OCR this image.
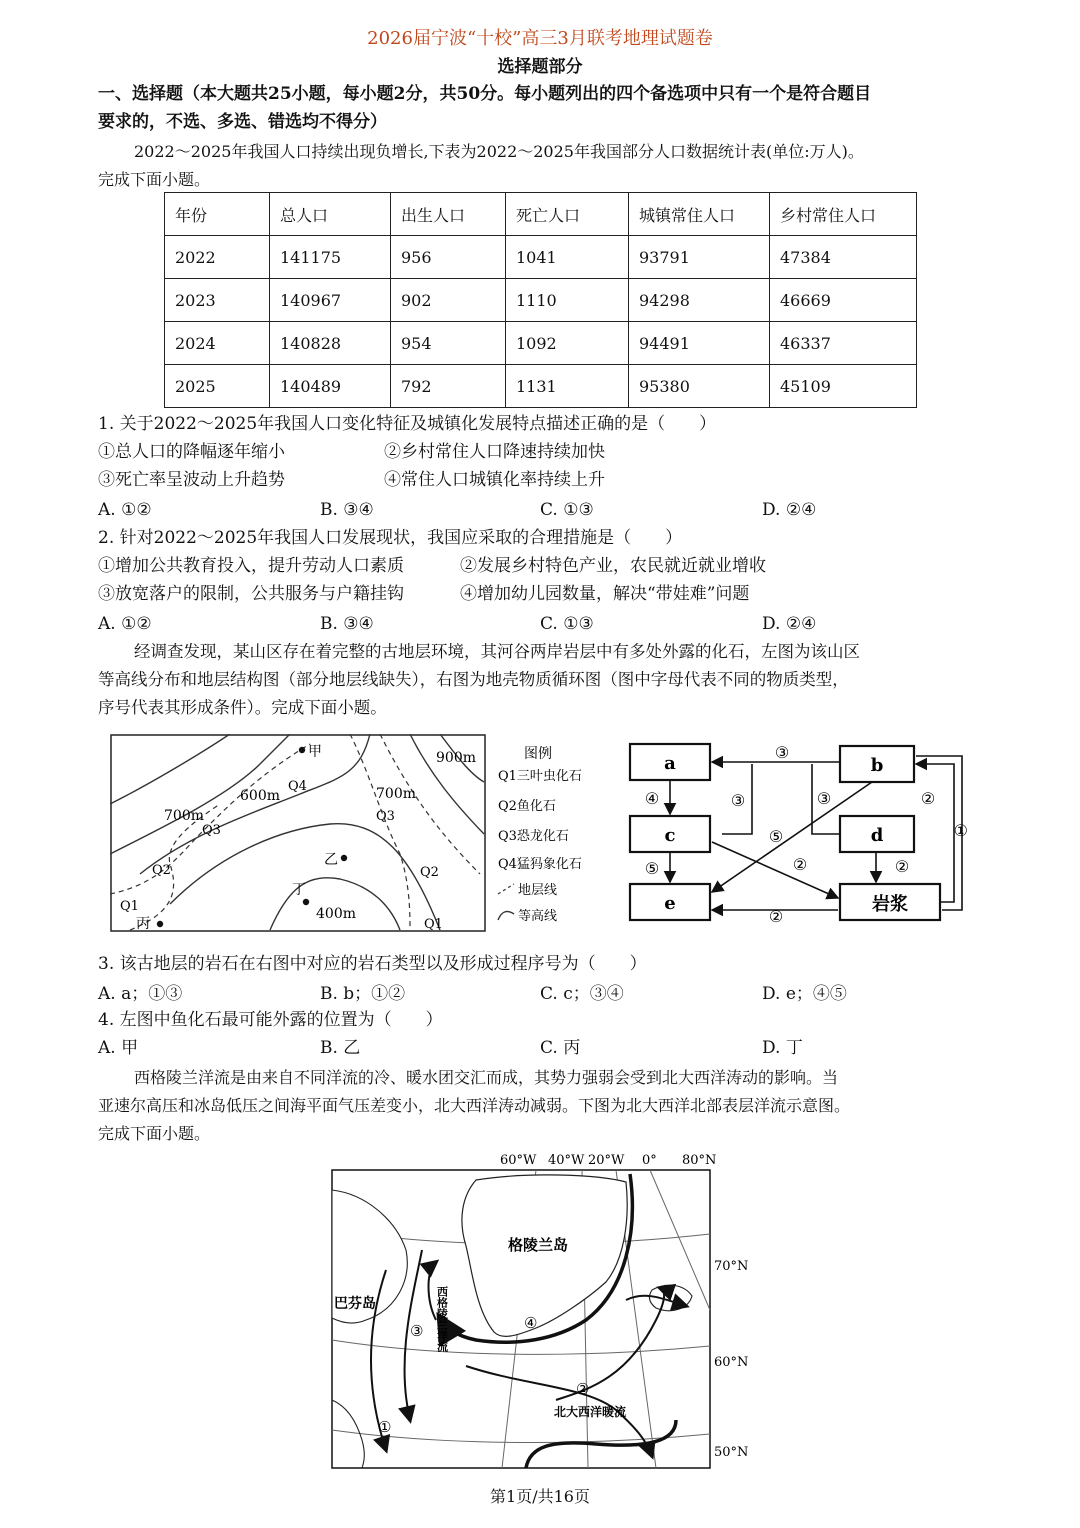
2026届宁波“十校”高三3月联考地理试题卷
选择题部分
一、选择题（本大题共25小题，每小题2分，共50分。每小题列出的四个备选项中只有一个是符合题目
要求的，不选、多选、错选均不得分）
2022～2025年我国人口持续出现负增长,下表为2022～2025年我国部分人口数据统计表(单位:万人)。
完成下面小题。
年份	总人口	出生人口	死亡人口	城镇常住人口	乡村常住人口
2022	141175	956	1041	93791	47384
2023	140967	902	1110	94298	46669
2024	140828	954	1092	94491	46337
2025	140489	792	1131	95380	45109
1. 关于2022～2025年我国人口变化特征及城镇化发展特点描述正确的是（　　）
①总人口的降幅逐年缩小	②乡村常住人口降速持续加快
③死亡率呈波动上升趋势	④常住人口城镇化率持续上升
A. ①②	B. ③④	C. ①③	D. ②④
2. 针对2022～2025年我国人口发展现状，我国应采取的合理措施是（　　）
①增加公共教育投入，提升劳动人口素质	②发展乡村特色产业，农民就近就业增收
③放宽落户的限制，公共服务与户籍挂钩	④增加幼儿园数量，解决“带娃难”问题
A. ①②	B. ③④	C. ①③	D. ②④
经调查发现，某山区存在着完整的古地层环境，其河谷两岸岩层中有多处外露的化石，左图为该山区
等高线分布和地层结构图（部分地层线缺失），右图为地壳物质循环图（图中字母代表不同的物质类型，
序号代表其形成条件）。完成下面小题。
甲
乙
丙
丁
Q1
Q1
Q2	Q2
Q3
Q3
Q4
900m
600m
700m
700m
400m
图例
Q1三叶虫化石
Q2鱼化石
Q3恐龙化石
Q4猛犸象化石
地层线
等高线
a	b
c	d
e	岩浆
③
④	③	③	②
①
⑤
②
⑤	②
②
3. 该古地层的岩石在右图中对应的岩石类型以及形成过程序号为（　　）
A. a；①③	B. b；①②	C. c；③④	D. e；④⑤
4. 左图中鱼化石最可能外露的位置为（　　）
A. 甲	B. 乙	C. 丙	D. 丁
西格陵兰洋流是由来自不同洋流的冷、暖水团交汇而成，其势力强弱会受到北大西洋涛动的影响。当
亚速尔高压和冰岛低压之间海平面气压差变小，北大西洋涛动减弱。下图为北大西洋北部表层洋流示意图。
完成下面小题。
60°W 40°W 20°W 0° 80°N
70°N
60°N
50°N
格陵兰岛
巴芬岛	西格陵兰洋流
北大西洋暖流
①
②
③	④
第1页/共16页
